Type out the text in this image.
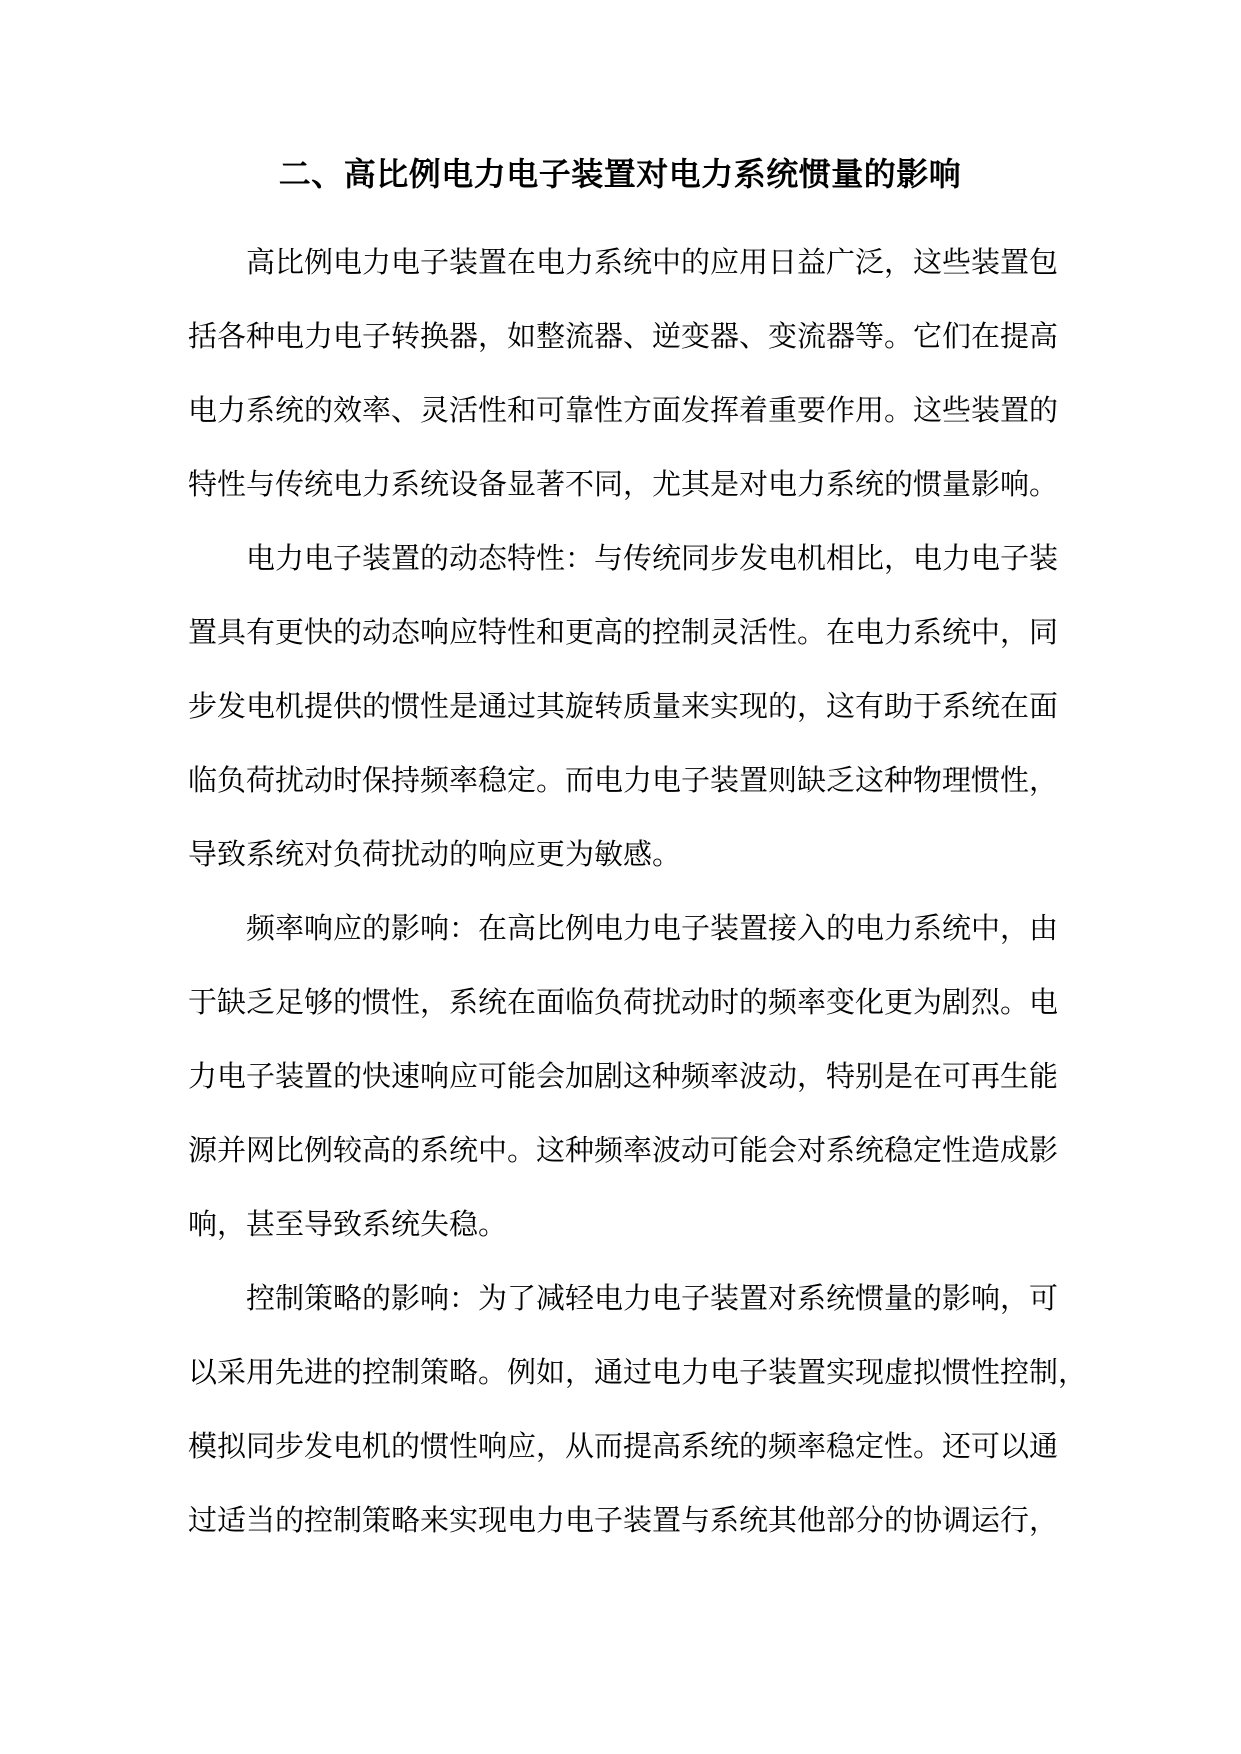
二、高比例电力电子装置对电力系统惯量的影响

高比例电力电子装置在电力系统中的应用日益广泛，这些装置包
括各种电力电子转换器，如整流器、逆变器、变流器等。它们在提高
电力系统的效率、灵活性和可靠性方面发挥着重要作用。这些装置的
特性与传统电力系统设备显著不同，尤其是对电力系统的惯量影响。

电力电子装置的动态特性：与传统同步发电机相比，电力电子装
置具有更快的动态响应特性和更高的控制灵活性。在电力系统中，同
步发电机提供的惯性是通过其旋转质量来实现的，这有助于系统在面
临负荷扰动时保持频率稳定。而电力电子装置则缺乏这种物理惯性，
导致系统对负荷扰动的响应更为敏感。

频率响应的影响：在高比例电力电子装置接入的电力系统中，由
于缺乏足够的惯性，系统在面临负荷扰动时的频率变化更为剧烈。电
力电子装置的快速响应可能会加剧这种频率波动，特别是在可再生能
源并网比例较高的系统中。这种频率波动可能会对系统稳定性造成影
响，甚至导致系统失稳。

控制策略的影响：为了减轻电力电子装置对系统惯量的影响，可
以采用先进的控制策略。例如，通过电力电子装置实现虚拟惯性控制，
模拟同步发电机的惯性响应，从而提高系统的频率稳定性。还可以通
过适当的控制策略来实现电力电子装置与系统其他部分的协调运行，
